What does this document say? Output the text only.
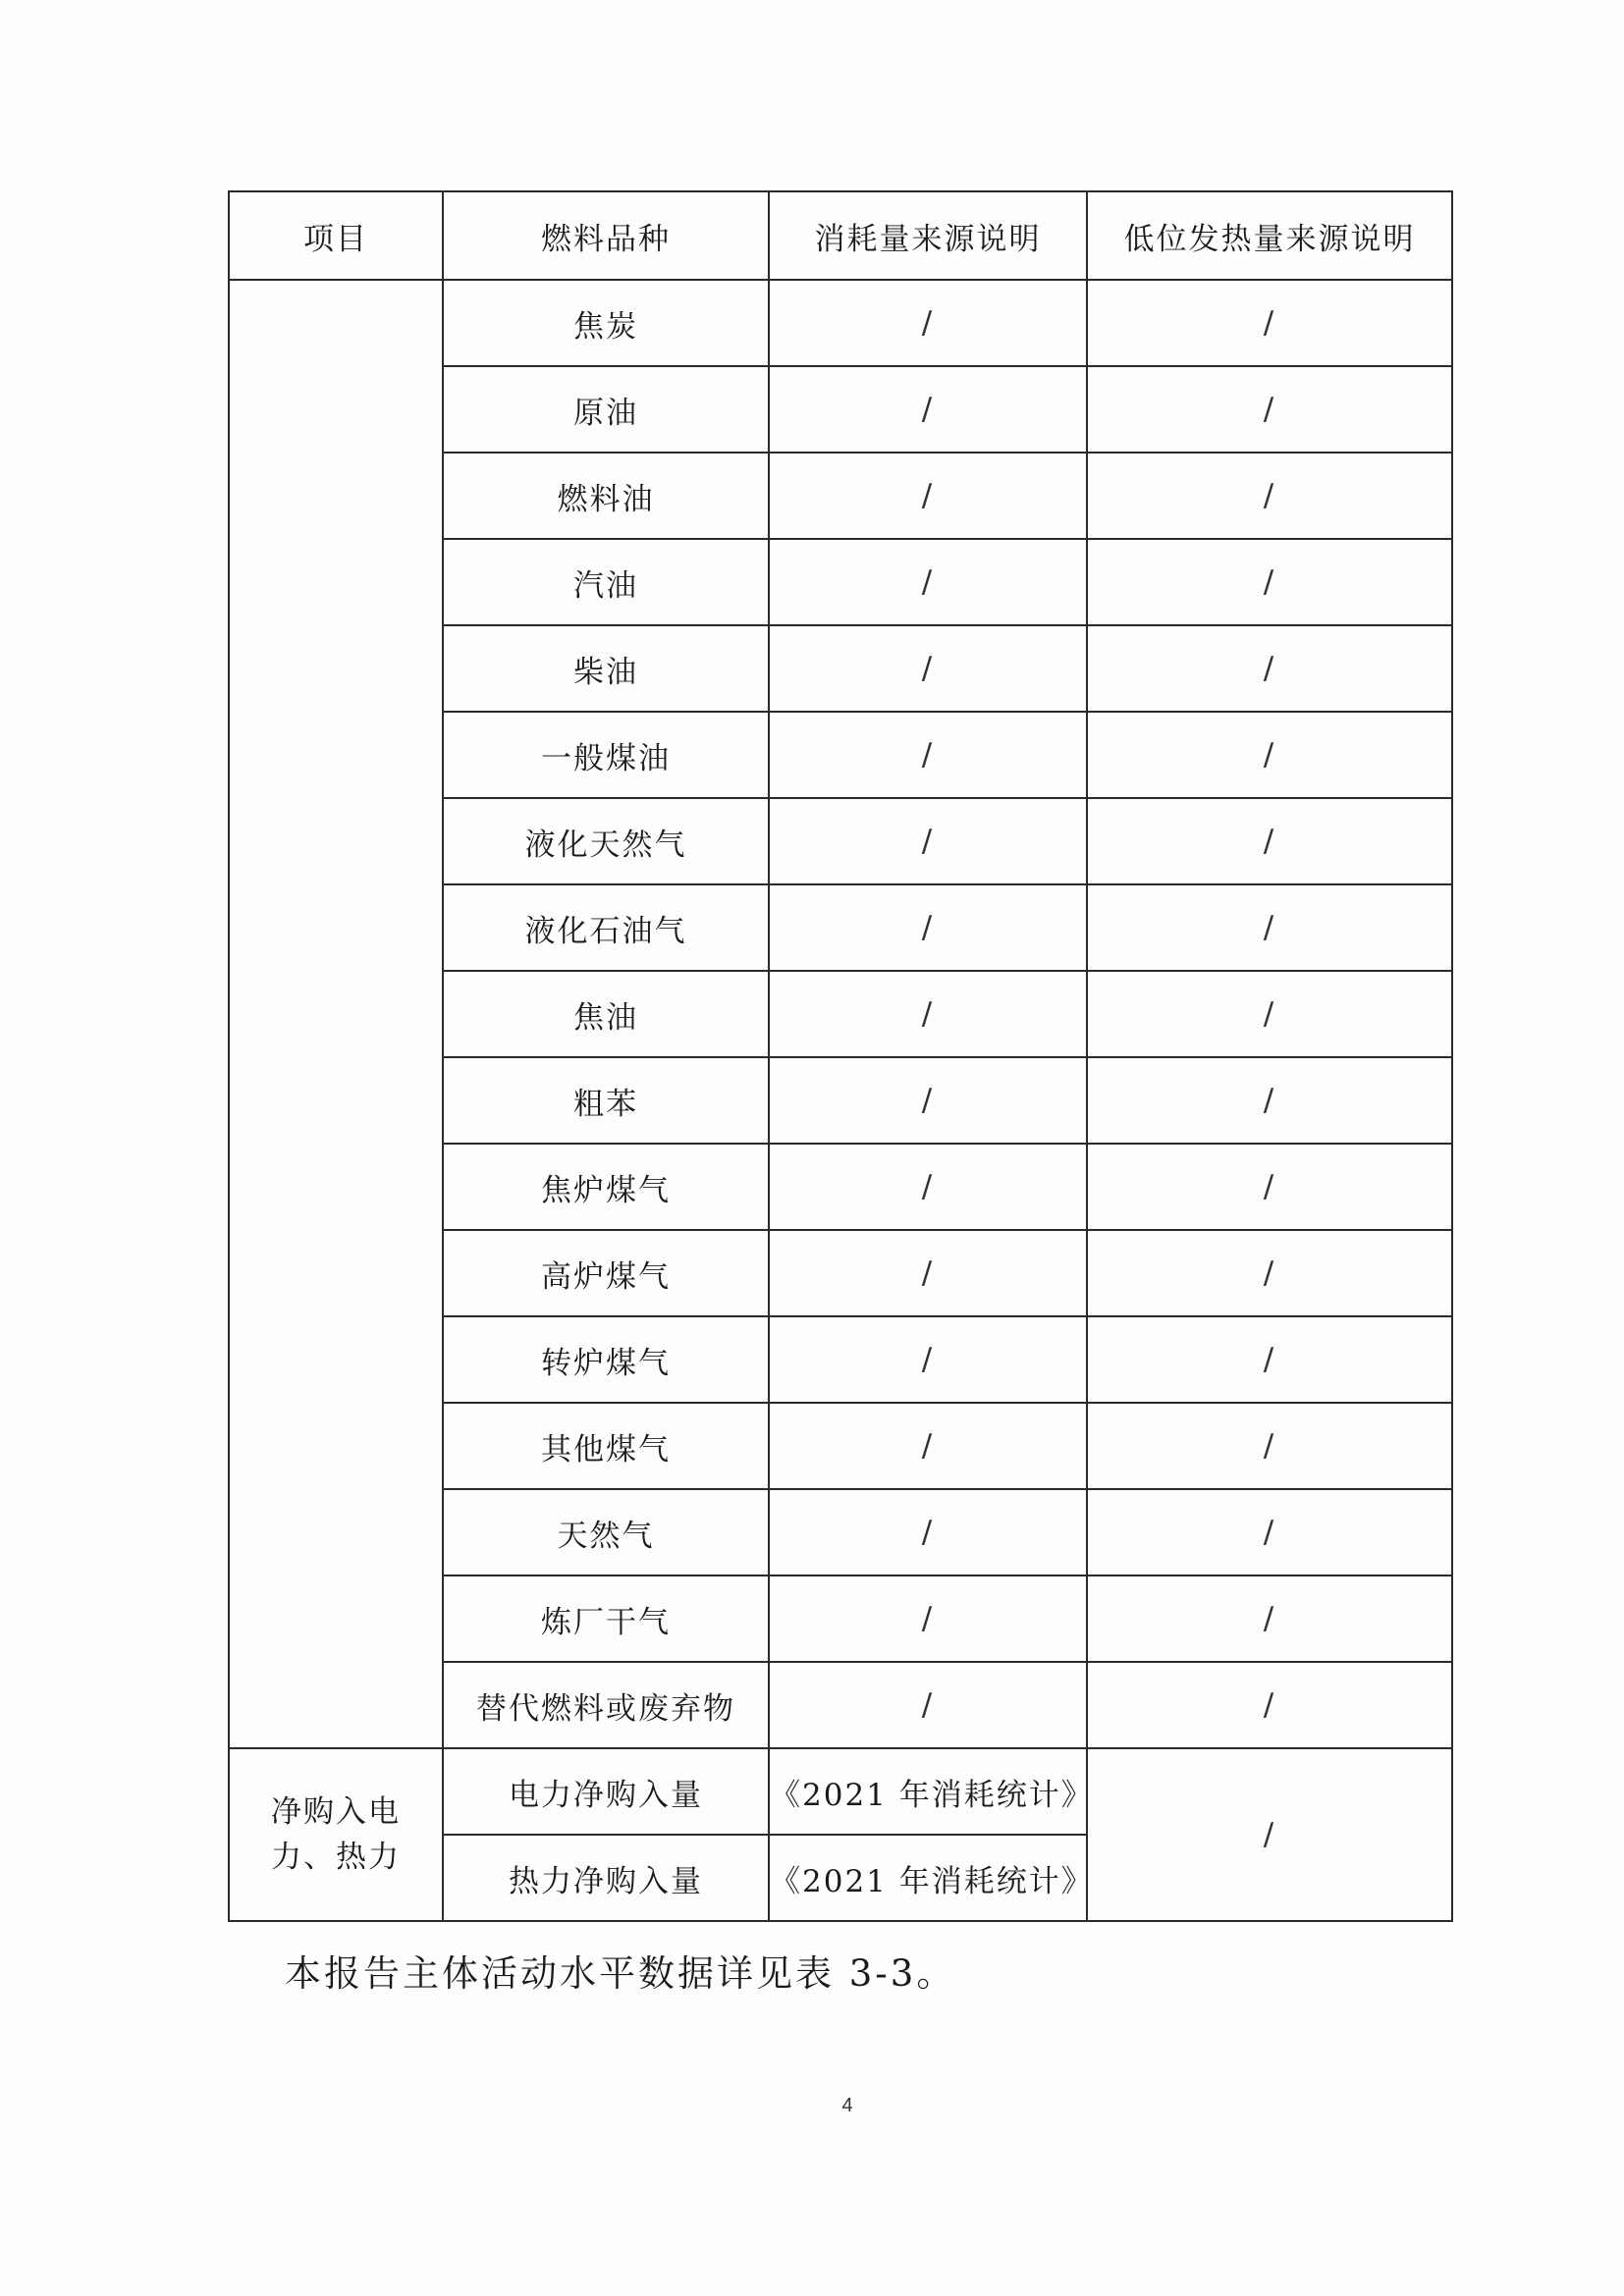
项目	燃料品种	消耗量来源说明	低位发热量来源说明
	焦炭	/	/
	原油	/	/
	燃料油	/	/
	汽油	/	/
	柴油	/	/
	一般煤油	/	/
	液化天然气	/	/
	液化石油气	/	/
	焦油	/	/
	粗苯	/	/
	焦炉煤气	/	/
	高炉煤气	/	/
	转炉煤气	/	/
	其他煤气	/	/
	天然气	/	/
	炼厂干气	/	/
	替代燃料或废弃物	/	/

净购入电力、热力	电力净购入量	《2021 年消耗统计》	/
	热力净购入量	《2021 年消耗统计》	
本报告主体活动水平数据详见表 3-3。
4
